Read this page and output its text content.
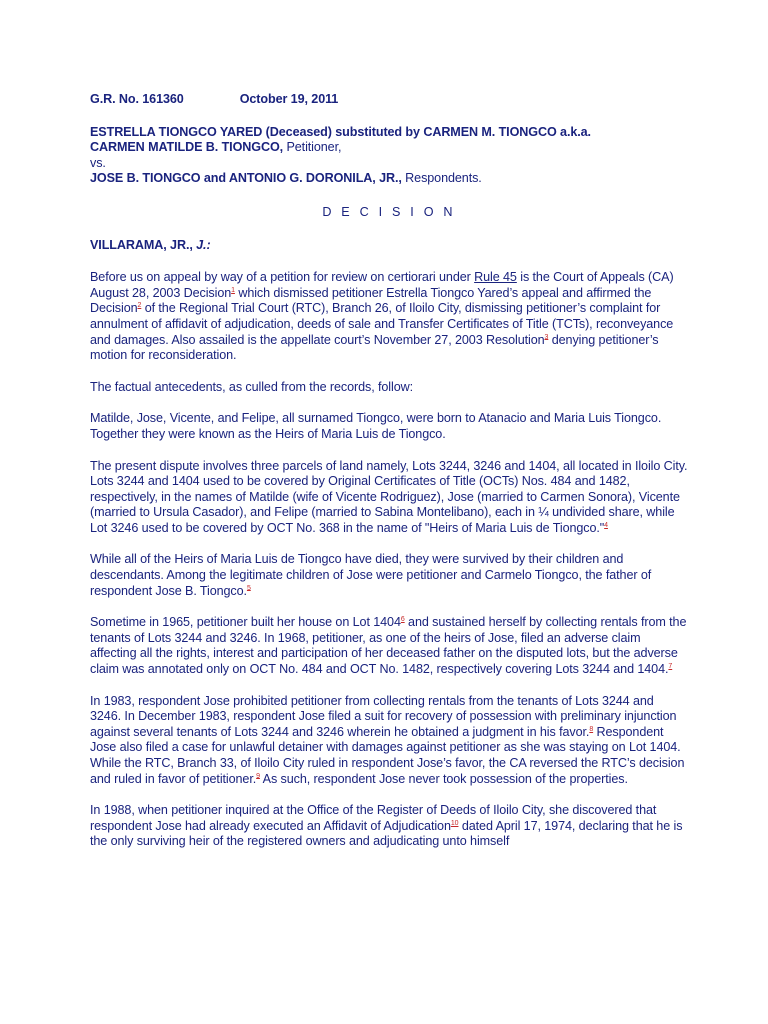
G.R. No. 161360	October 19, 2011

ESTRELLA TIONGCO YARED (Deceased) substituted by CARMEN M. TIONGCO a.k.a.

CARMEN MATILDE B. TIONGCO, Petitioner,

vs.

JOSE B. TIONGCO and ANTONIO G. DORONILA, JR., Respondents.

D E C I S I O N
VILLARAMA, JR., J.:

Before us on appeal by way of a petition for review on certiorari under Rule 45 is the Court of Appeals (CA) August 28, 2003 Decision$^1$ which dismissed petitioner Estrella Tiongco Yared’s appeal and affirmed the Decision$^2$ of the Regional Trial Court (RTC), Branch 26, of Iloilo City, dismissing petitioner’s complaint for annulment of affidavit of adjudication, deeds of sale and Transfer Certificates of Title (TCTs), reconveyance and damages. Also assailed is the appellate court’s November 27, 2003 Resolution$^3$ denying petitioner’s motion for reconsideration.

The factual antecedents, as culled from the records, follow:

Matilde, Jose, Vicente, and Felipe, all surnamed Tiongco, were born to Atanacio and Maria Luis Tiongco. Together they were known as the Heirs of Maria Luis de Tiongco.

The present dispute involves three parcels of land namely, Lots 3244, 3246 and 1404, all located in Iloilo City. Lots 3244 and 1404 used to be covered by Original Certificates of Title (OCTs) Nos. 484 and 1482, respectively, in the names of Matilde (wife of Vicente Rodriguez), Jose (married to Carmen Sonora), Vicente (married to Ursula Casador), and Felipe (married to Sabina Montelibano), each in ¼ undivided share, while Lot 3246 used to be covered by OCT No. 368 in the name of "Heirs of Maria Luis de Tiongco."$^4$

While all of the Heirs of Maria Luis de Tiongco have died, they were survived by their children and descendants. Among the legitimate children of Jose were petitioner and Carmelo Tiongco, the father of respondent Jose B. Tiongco.$^5$

Sometime in 1965, petitioner built her house on Lot 1404$^6$ and sustained herself by collecting rentals from the tenants of Lots 3244 and 3246. In 1968, petitioner, as one of the heirs of Jose, filed an adverse claim affecting all the rights, interest and participation of her deceased father on the disputed lots, but the adverse claim was annotated only on OCT No. 484 and OCT No. 1482, respectively covering Lots 3244 and 1404.$^7$

In 1983, respondent Jose prohibited petitioner from collecting rentals from the tenants of Lots 3244 and 3246. In December 1983, respondent Jose filed a suit for recovery of possession with preliminary injunction against several tenants of Lots 3244 and 3246 wherein he obtained a judgment in his favor.$^8$ Respondent Jose also filed a case for unlawful detainer with damages against petitioner as she was staying on Lot 1404. While the RTC, Branch 33, of Iloilo City ruled in respondent Jose’s favor, the CA reversed the RTC’s decision and ruled in favor of petitioner.$^9$ As such, respondent Jose never took possession of the properties.

In 1988, when petitioner inquired at the Office of the Register of Deeds of Iloilo City, she discovered that respondent Jose had already executed an Affidavit of Adjudication$^{10}$ dated April 17, 1974, declaring that he is the only surviving heir of the registered owners and adjudicating unto himself
